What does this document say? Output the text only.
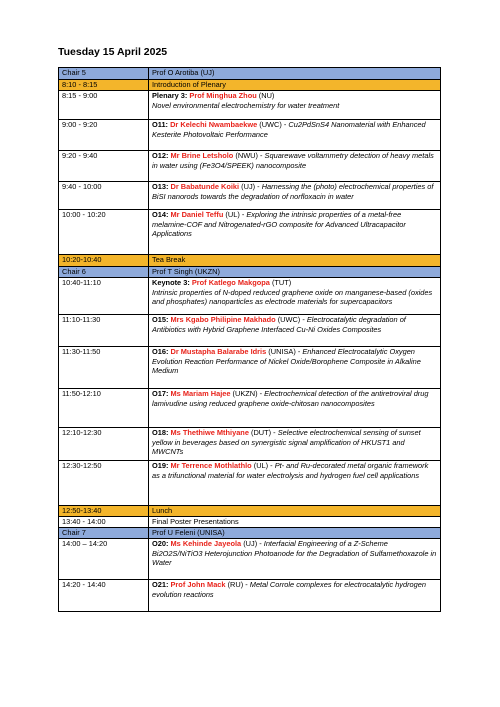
Tuesday 15 April 2025
Chair 5	Prof O Arotiba (UJ)
8:10 - 8:15	Introduction of Plenary
8:15 - 9:00	Plenary 3: Prof Minghua Zhou (NU)
Novel environmental electrochemistry for water treatment
9:00 - 9:20	O11: Dr Kelechi Nwambaekwe (UWC) - Cu2PdSnS4 Nanomaterial with Enhanced Kesterite Photovoltaic Performance
9:20 - 9:40	O12: Mr Brine Letsholo (NWU) - Squarewave voltammetry detection of heavy metals in water using (Fe3O4/SPEEK) nanocomposite
9:40 - 10:00	O13: Dr Babatunde Koiki (UJ) - Harnessing the (photo) electrochemical properties of BiSI nanorods towards the degradation of norfloxacin in water
10:00 - 10:20	O14: Mr Daniel Teffu (UL) - Exploring the intrinsic properties of a metal-free melamine-COF and Nitrogenated-rGO composite for Advanced Ultracapacitor Applications
10:20-10:40	Tea Break
Chair 6	Prof T Singh (UKZN)
10:40-11:10	Keynote 3: Prof Katlego Makgopa (TUT)
Intrinsic properties of N-doped reduced graphene oxide on manganese-based (oxides and phosphates) nanoparticles as electrode materials for supercapacitors
11:10-11:30	O15: Mrs Kgabo Philipine Makhado (UWC) - Electrocatalytic degradation of Antibiotics with Hybrid Graphene Interfaced Cu-Ni Oxides Composites
11:30-11:50	O16: Dr Mustapha Balarabe Idris (UNISA) - Enhanced Electrocatalytic Oxygen Evolution Reaction Performance of Nickel Oxide/Borophene Composite in Alkaline Medium
11:50-12:10	O17: Ms Mariam Hajee (UKZN) - Electrochemical detection of the antiretroviral drug lamivudine using reduced graphene oxide-chitosan nanocomposites
12:10-12:30	O18: Ms Thethiwe Mthiyane (DUT) - Selective electrochemical sensing of sunset yellow in beverages based on synergistic signal amplification of HKUST1 and MWCNTs
12:30-12:50	O19: Mr Terrence Mothlathlo (UL) - Pt- and Ru-decorated metal organic framework as a trifunctional material for water electrolysis and hydrogen fuel cell applications
12:50-13:40	Lunch
13:40 - 14:00	Final Poster Presentations
Chair 7	Prof U Feleni (UNISA)
14:00 – 14:20	O20: Ms Kehinde Jayeola (UJ) - Interfacial Engineering of a Z-Scheme Bi2O2S/NiTiO3 Heterojunction Photoanode for the Degradation of Sulfamethoxazole in Water
14:20 - 14:40	O21: Prof John Mack (RU) - Metal Corrole complexes for electrocatalytic hydrogen evolution reactions
